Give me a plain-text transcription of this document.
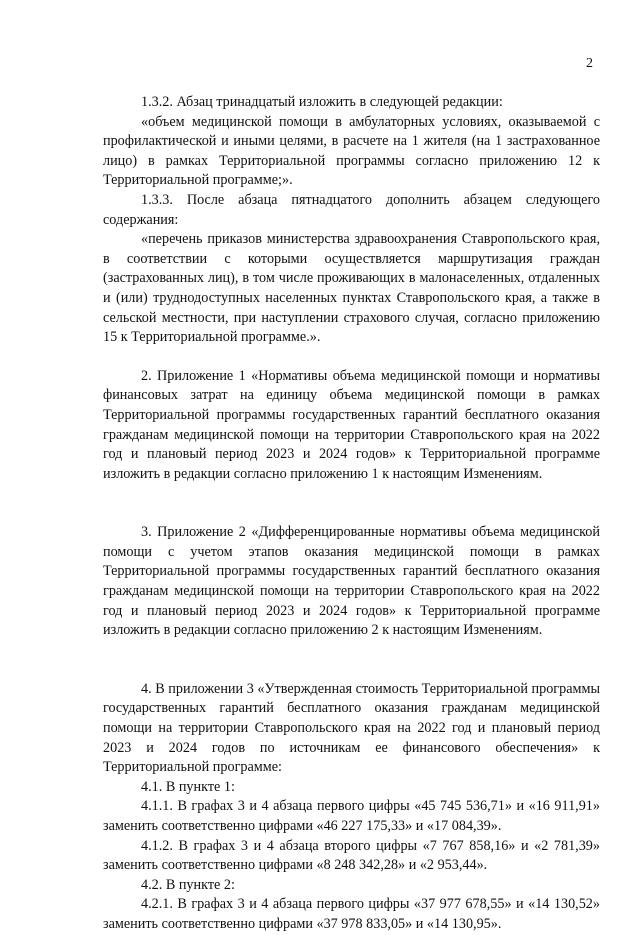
2

1.3.2. Абзац тринадцатый изложить в следующей редакции:

«объем медицинской помощи в амбулаторных условиях, оказываемой с профилактической и иными целями, в расчете на 1 жителя (на 1 застрахованное лицо) в рамках Территориальной программы согласно приложению 12 к Территориальной программе;».

1.3.3. После абзаца пятнадцатого дополнить абзацем следующего содержания:

«перечень приказов министерства здравоохранения Ставропольского края, в соответствии с которыми осуществляется маршрутизация граждан (застрахованных лиц), в том числе проживающих в малонаселенных, отдаленных и (или) труднодоступных населенных пунктах Ставропольского края, а также в сельской местности, при наступлении страхового случая, согласно приложению 15 к Территориальной программе.».

2. Приложение 1 «Нормативы объема медицинской помощи и нормативы финансовых затрат на единицу объема медицинской помощи в рамках Территориальной программы государственных гарантий бесплатного оказания гражданам медицинской помощи на территории Ставропольского края на 2022 год и плановый период 2023 и 2024 годов» к Территориальной программе изложить в редакции согласно приложению 1 к настоящим Изменениям.

3. Приложение 2 «Дифференцированные нормативы объема медицинской помощи с учетом этапов оказания медицинской помощи в рамках Территориальной программы государственных гарантий бесплатного оказания гражданам медицинской помощи на территории Ставропольского края на 2022 год и плановый период 2023 и 2024 годов» к Территориальной программе изложить в редакции согласно приложению 2 к настоящим Изменениям.

4. В приложении 3 «Утвержденная стоимость Территориальной программы государственных гарантий бесплатного оказания гражданам медицинской помощи на территории Ставропольского края на 2022 год и плановый период 2023 и 2024 годов по источникам ее финансового обеспечения» к Территориальной программе:

4.1. В пункте 1:

4.1.1. В графах 3 и 4 абзаца первого цифры «45 745 536,71» и «16 911,91» заменить соответственно цифрами «46 227 175,33» и «17 084,39».

4.1.2. В графах 3 и 4 абзаца второго цифры «7 767 858,16» и «2 781,39» заменить соответственно цифрами «8 248 342,28» и «2 953,44».

4.2. В пункте 2:

4.2.1. В графах 3 и 4 абзаца первого цифры «37 977 678,55» и «14 130,52» заменить соответственно цифрами «37 978 833,05» и «14 130,95».
